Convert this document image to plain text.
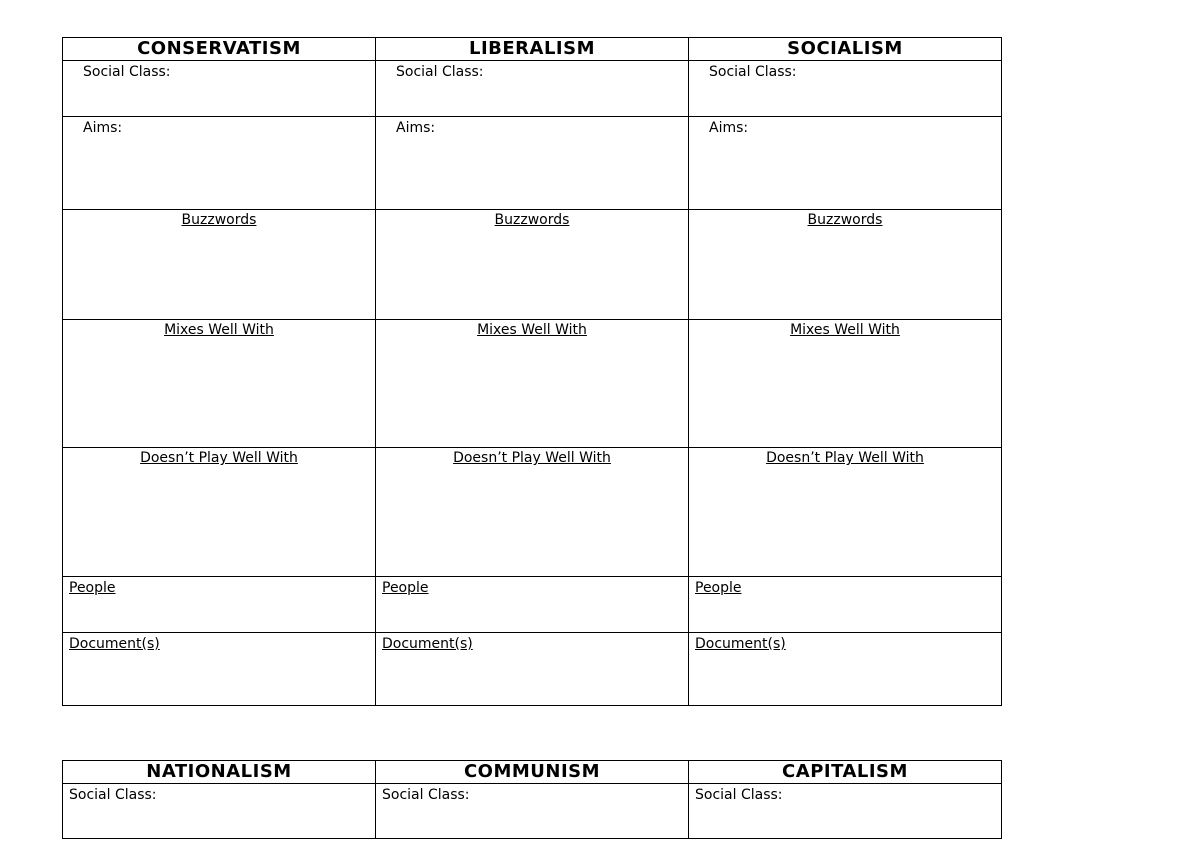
CONSERVATISM	LIBERALISM	SOCIALISM

Social Class:	Social Class:	Social Class:

Aims:	Aims:	Aims:

Buzzwords	Buzzwords	Buzzwords

Mixes Well With	Mixes Well With	Mixes Well With

Doesn’t Play Well With	Doesn’t Play Well With	Doesn’t Play Well With

People	People	People

Document(s)	Document(s)	Document(s)
NATIONALISM	COMMUNISM	CAPITALISM

Social Class:	Social Class:	Social Class:
